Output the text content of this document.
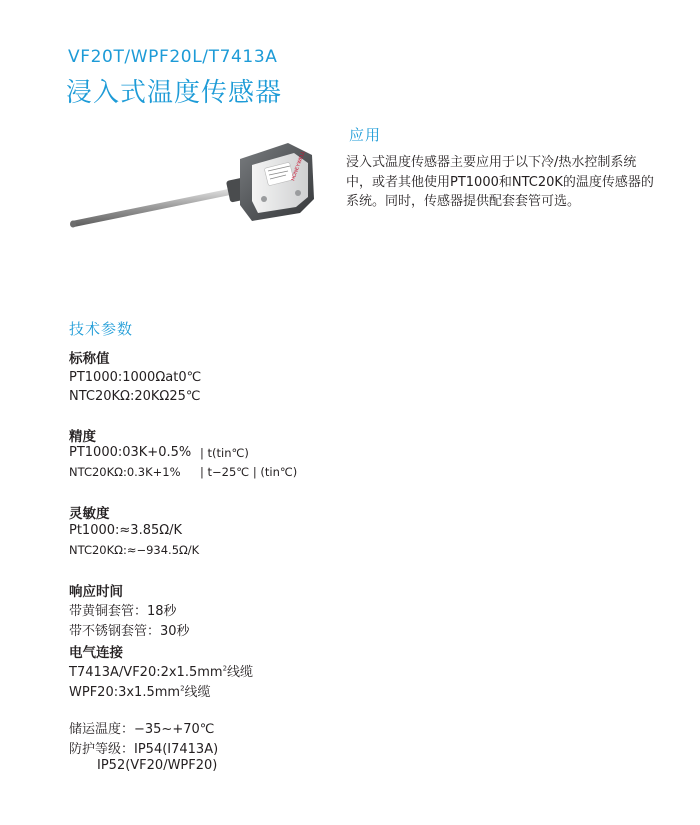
VF20T/WPF20L/T7413A
浸入式温度传感器
HONEYWELL
应用
浸入式温度传感器主要应用于以下冷/热水控制系统中，或者其他使用PT1000和NTC20K的温度传感器的系统。同时，传感器提供配套套管可选。
技术参数
标称值
PT1000:1000Ωat0℃
NTC20KΩ:20KΩ25℃
精度
PT1000:03K+0.5% | t(tin℃)
NTC20KΩ:0.3K+1% | t−25℃ | (tin℃)
灵敏度
Pt1000:≈3.85Ω/K
NTC20KΩ:≈−934.5Ω/K
响应时间
带黄铜套管：18秒
带不锈钢套管：30秒
电气连接
$T7413A/VF20:2x1.5mm^2$线缆
$WPF20:3x1.5mm^2$线缆
储运温度：−35~+70℃
防护等级：IP54(I7413A)
IP52(VF20/WPF20)
